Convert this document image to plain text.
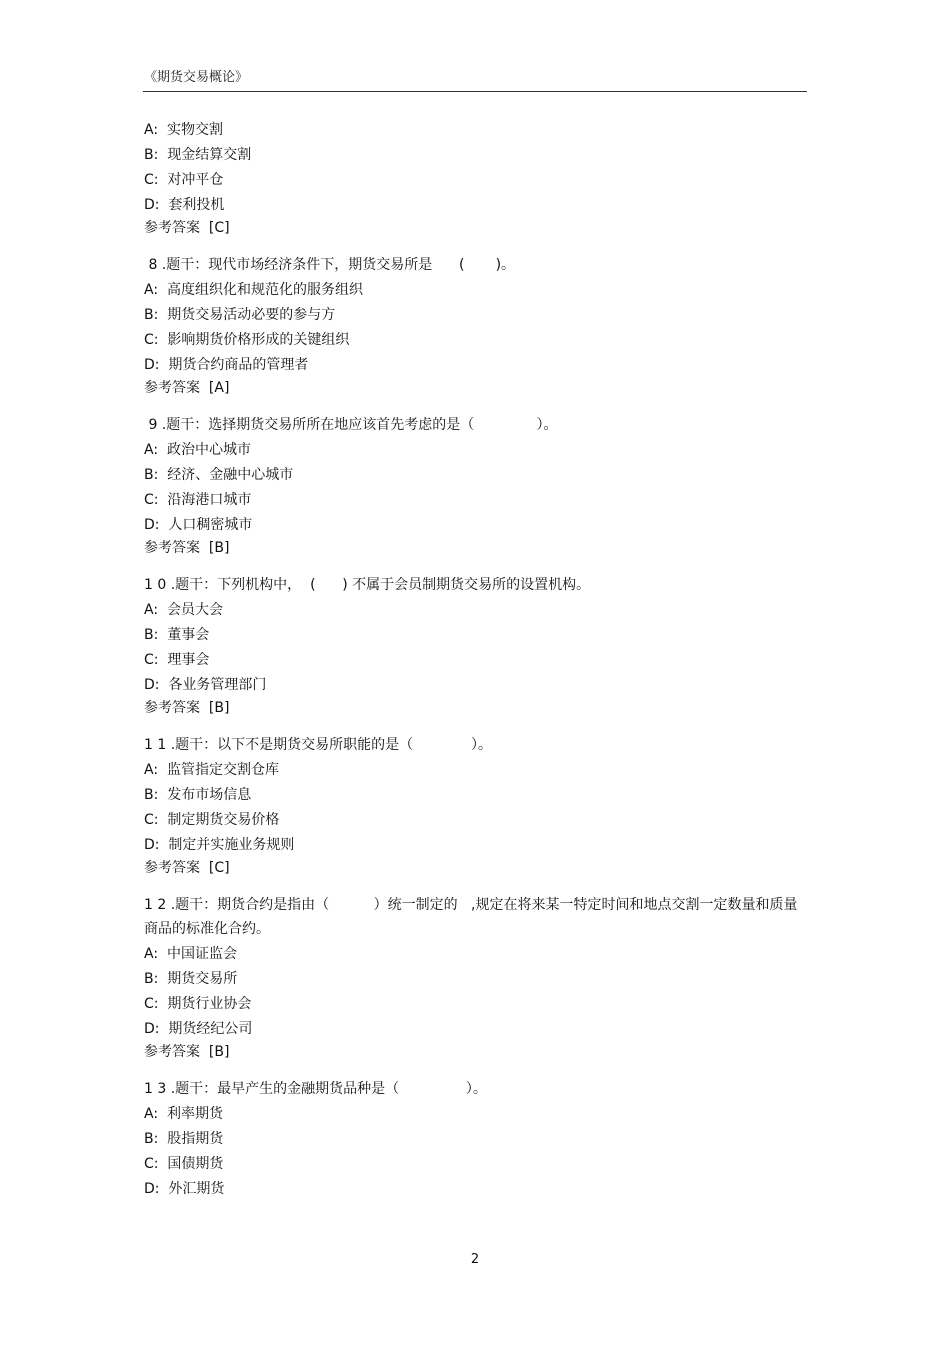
《期货交易概论》
A:  实物交割
B:  现金结算交割
C:  对冲平仓
D:  套利投机
参考答案  [C]
8 .题干：现代市场经济条件下，期货交易所是      (       )。
A:  高度组织化和规范化的服务组织
B:  期货交易活动必要的参与方
C:  影响期货价格形成的关键组织
D:  期货合约商品的管理者
参考答案  [A]
9 .题干：选择期货交易所所在地应该首先考虑的是（              ）。
A:  政治中心城市
B:  经济、金融中心城市
C:  沿海港口城市
D:  人口稠密城市
参考答案  [B]
1 0 .题干：下列机构中，  (      ) 不属于会员制期货交易所的设置机构。
A:  会员大会
B:  董事会
C:  理事会
D:  各业务管理部门
参考答案  [B]
1 1 .题干：以下不是期货交易所职能的是（             ）。
A:  监管指定交割仓库
B:  发布市场信息
C:  制定期货交易价格
D:  制定并实施业务规则
参考答案  [C]
1 2 .题干：期货合约是指由（          ）统一制定的   ,规定在将来某一特定时间和地点交割一定数量和质量商品的标准化合约。
A:  中国证监会
B:  期货交易所
C:  期货行业协会
D:  期货经纪公司
参考答案  [B]
1 3 .题干：最早产生的金融期货品种是（               ）。
A:  利率期货
B:  股指期货
C:  国债期货
D:  外汇期货
2
